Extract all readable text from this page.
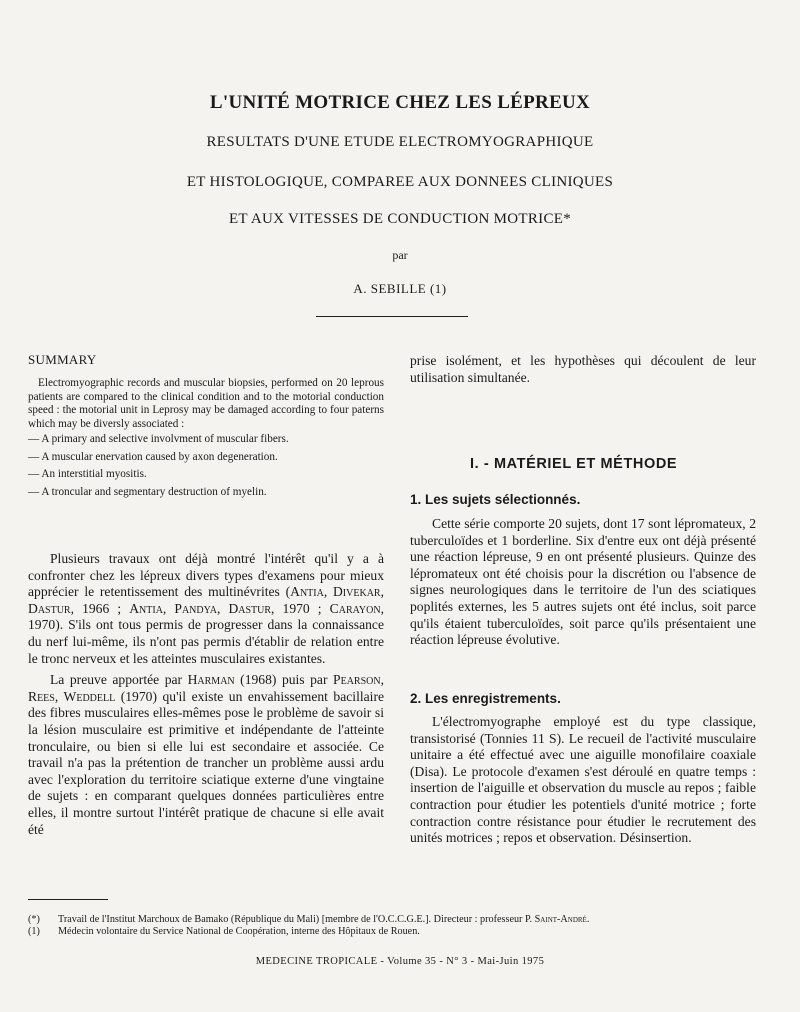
L'UNITÉ MOTRICE CHEZ LES LÉPREUX
RESULTATS D'UNE ETUDE ELECTROMYOGRAPHIQUE
ET HISTOLOGIQUE, COMPAREE AUX DONNEES CLINIQUES
ET AUX VITESSES DE CONDUCTION MOTRICE*
par
A. SEBILLE (1)
SUMMARY

Electromyographic records and muscular biopsies, performed on 20 leprous patients are compared to the clinical condition and to the motorial conduction speed : the motorial unit in Leprosy may be damaged according to four paterns which may be diversly associated :

— A primary and selective involvment of muscular fibers.
— A muscular enervation caused by axon degeneration.
— An interstitial myositis.
— A troncular and segmentary destruction of myelin.

Plusieurs travaux ont déjà montré l'intérêt qu'il y a à confronter chez les lépreux divers types d'examens pour mieux apprécier le retentissement des multinévrites (Antia, Divekar, Dastur, 1966 ; Antia, Pandya, Dastur, 1970 ; Carayon, 1970). S'ils ont tous permis de progresser dans la connaissance du nerf lui-même, ils n'ont pas permis d'établir de relation entre le tronc nerveux et les atteintes musculaires existantes.

La preuve apportée par Harman (1968) puis par Pearson, Rees, Weddell (1970) qu'il existe un envahissement bacillaire des fibres musculaires elles-mêmes pose le problème de savoir si la lésion musculaire est primitive et indépendante de l'atteinte tronculaire, ou bien si elle lui est secondaire et associée. Ce travail n'a pas la prétention de trancher un problème aussi ardu avec l'exploration du territoire sciatique externe d'une vingtaine de sujets : en comparant quelques données particulières entre elles, il montre surtout l'intérêt pratique de chacune si elle avait été

prise isolément, et les hypothèses qui découlent de leur utilisation simultanée.

I. - MATÉRIEL ET MÉTHODE
1. Les sujets sélectionnés.

Cette série comporte 20 sujets, dont 17 sont lépromateux, 2 tuberculoïdes et 1 borderline. Six d'entre eux ont déjà présenté une réaction lépreuse, 9 en ont présenté plusieurs. Quinze des lépromateux ont été choisis pour la discrétion ou l'absence de signes neurologiques dans le territoire de l'un des sciatiques poplités externes, les 5 autres sujets ont été inclus, soit parce qu'ils étaient tuberculoïdes, soit parce qu'ils présentaient une réaction lépreuse évolutive.

2. Les enregistrements.

L'électromyographe employé est du type classique, transistorisé (Tonnies 11 S). Le recueil de l'activité musculaire unitaire a été effectué avec une aiguille monofilaire coaxiale (Disa). Le protocole d'examen s'est déroulé en quatre temps : insertion de l'aiguille et observation du muscle au repos ; faible contraction pour étudier les potentiels d'unité motrice ; forte contraction contre résistance pour étudier le recrutement des unités motrices ; repos et observation. Désinsertion.

(*) Travail de l'Institut Marchoux de Bamako (République du Mali) [membre de l'O.C.C.G.E.]. Directeur : professeur P. Saint-André.
(1) Médecin volontaire du Service National de Coopération, interne des Hôpitaux de Rouen.
MEDECINE TROPICALE - Volume 35 - N° 3 - Mai-Juin 1975
